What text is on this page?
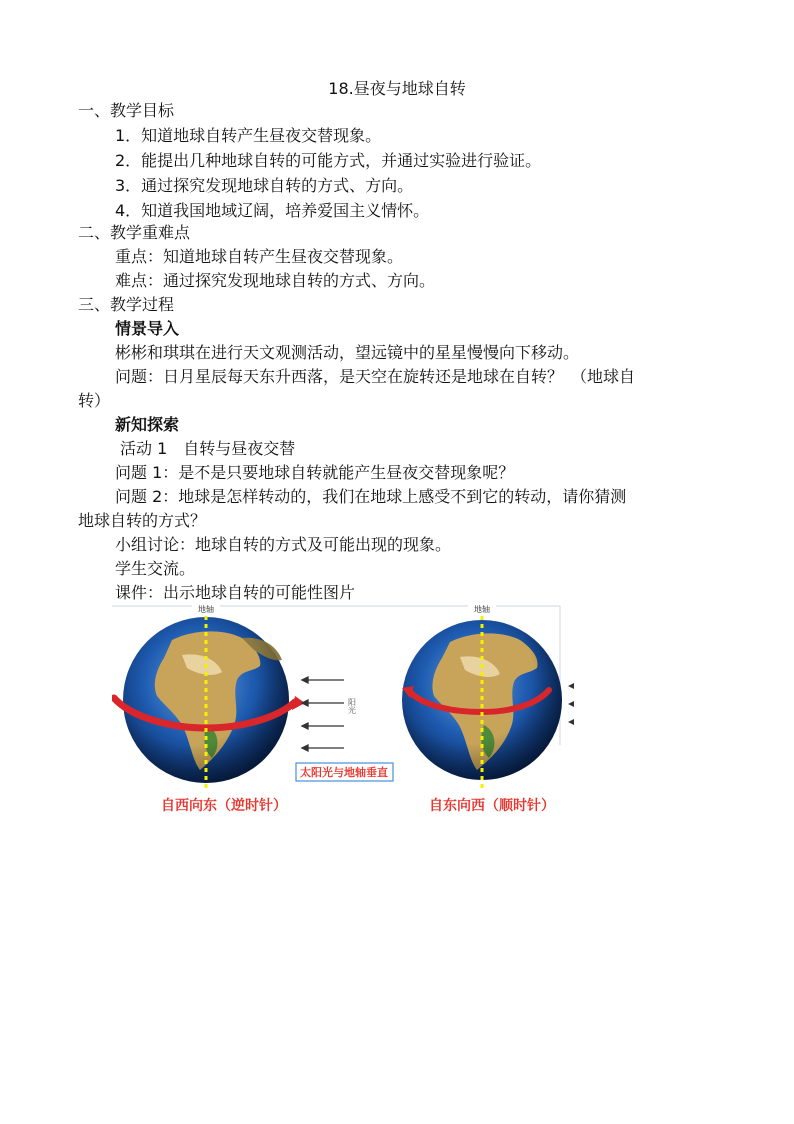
18.昼夜与地球自转
一、教学目标
1．知道地球自转产生昼夜交替现象。
2．能提出几种地球自转的可能方式，并通过实验进行验证。
3．通过探究发现地球自转的方式、方向。
4．知道我国地域辽阔，培养爱国主义情怀。
二、教学重难点
重点：知道地球自转产生昼夜交替现象。
难点：通过探究发现地球自转的方式、方向。
三、教学过程
情景导入
彬彬和琪琪在进行天文观测活动，望远镜中的星星慢慢向下移动。
问题：日月星辰每天东升西落，是天空在旋转还是地球在自转？　（地球自
转）
新知探索
活动 1　自转与昼夜交替
问题 1：是不是只要地球自转就能产生昼夜交替现象呢？
问题 2：地球是怎样转动的，我们在地球上感受不到它的转动，请你猜测
地球自转的方式？
小组讨论：地球自转的方式及可能出现的现象。
学生交流。
课件：出示地球自转的可能性图片
地轴
阳光
太阳光与地轴垂直
地轴
自西向东（逆时针）	自东向西（顺时针）
